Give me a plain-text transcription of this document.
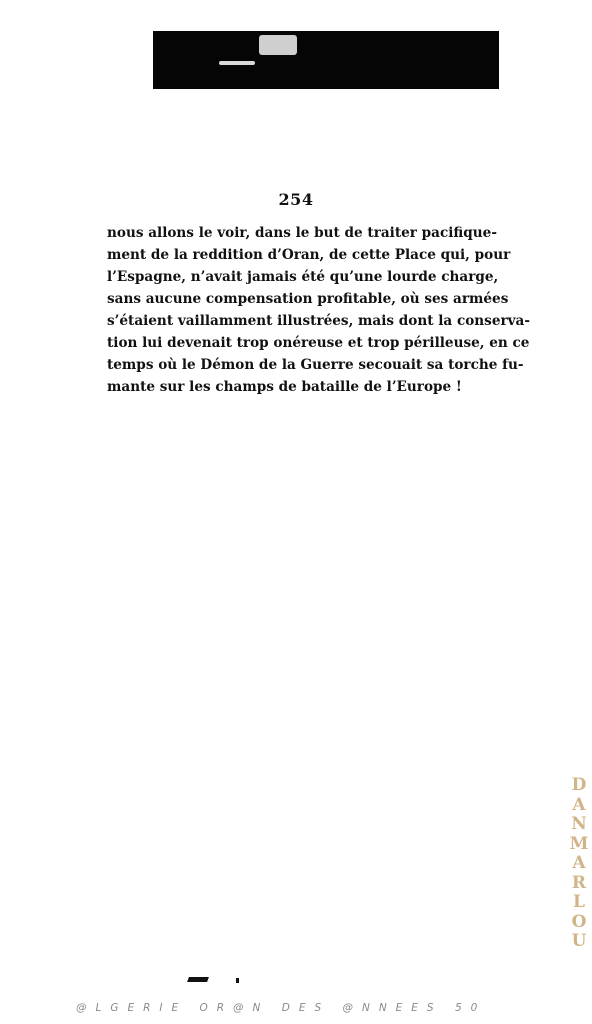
254
nous allons le voir, dans le but de traiter pacifique-
ment de la reddition d’Oran, de cette Place qui, pour
l’Espagne, n’avait jamais été qu’une lourde charge,
sans aucune compensation profitable, où ses armées
s’étaient vaillamment illustrées, mais dont la conserva-
tion lui devenait trop onéreuse et trop périlleuse, en ce
temps où le Démon de la Guerre secouait sa torche fu-
mante sur les champs de bataille de l’Europe !
DANMARLOU
@LGERIE OR@N DES @NNEES 50
